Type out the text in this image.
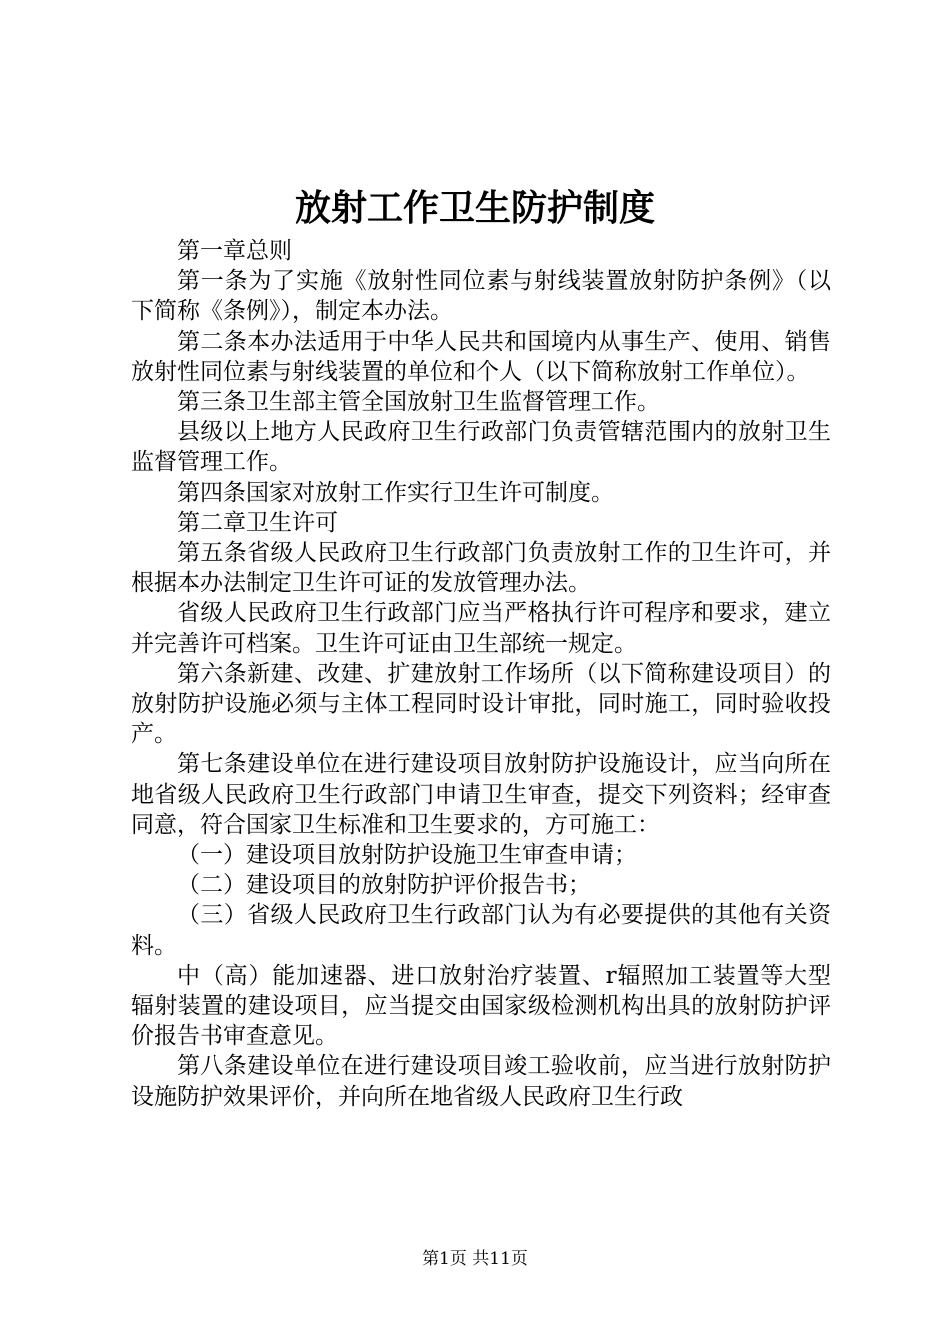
放射工作卫生防护制度

第一章总则

第一条为了实施《放射性同位素与射线装置放射防护条例》（以下简称《条例》），制定本办法。

第二条本办法适用于中华人民共和国境内从事生产、使用、销售放射性同位素与射线装置的单位和个人（以下简称放射工作单位）。

第三条卫生部主管全国放射卫生监督管理工作。

县级以上地方人民政府卫生行政部门负责管辖范围内的放射卫生监督管理工作。

第四条国家对放射工作实行卫生许可制度。

第二章卫生许可

第五条省级人民政府卫生行政部门负责放射工作的卫生许可，并根据本办法制定卫生许可证的发放管理办法。

省级人民政府卫生行政部门应当严格执行许可程序和要求，建立并完善许可档案。卫生许可证由卫生部统一规定。

第六条新建、改建、扩建放射工作场所（以下简称建设项目）的放射防护设施必须与主体工程同时设计审批，同时施工，同时验收投产。

第七条建设单位在进行建设项目放射防护设施设计，应当向所在地省级人民政府卫生行政部门申请卫生审查，提交下列资料；经审查同意，符合国家卫生标准和卫生要求的，方可施工：

（一）建设项目放射防护设施卫生审查申请；

（二）建设项目的放射防护评价报告书；

（三）省级人民政府卫生行政部门认为有必要提供的其他有关资料。

中（高）能加速器、进口放射治疗装置、r辐照加工装置等大型辐射装置的建设项目，应当提交由国家级检测机构出具的放射防护评价报告书审查意见。

第八条建设单位在进行建设项目竣工验收前，应当进行放射防护设施防护效果评价，并向所在地省级人民政府卫生行政

第1页 共11页
